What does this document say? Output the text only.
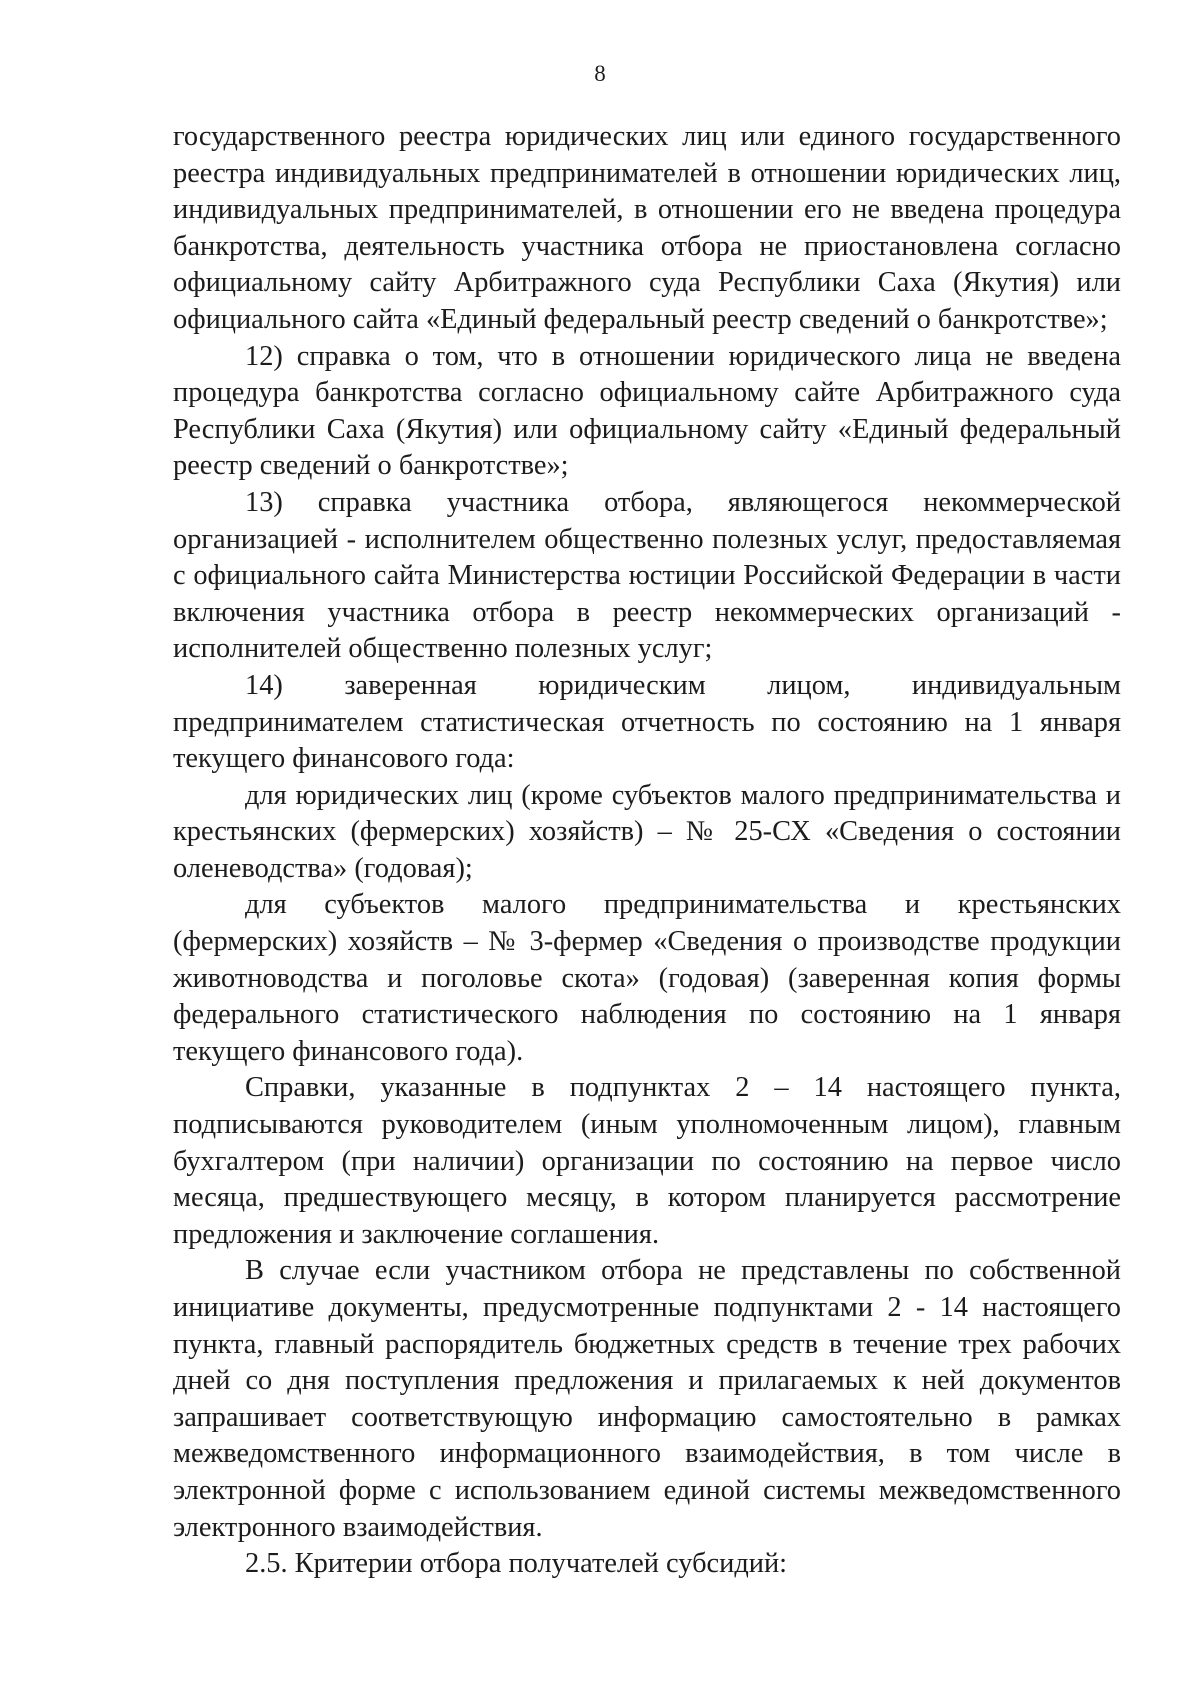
8
государственного реестра юридических лиц или единого государственного
реестра индивидуальных предпринимателей в отношении юридических лиц,
индивидуальных предпринимателей, в отношении его не введена процедура
банкротства, деятельность участника отбора не приостановлена согласно
официальному сайту Арбитражного суда Республики Саха (Якутия) или
официального сайта «Единый федеральный реестр сведений о банкротстве»;
12) справка о том, что в отношении юридического лица не введена
процедура банкротства согласно официальному сайте Арбитражного суда
Республики Саха (Якутия) или официальному сайту «Единый федеральный
реестр сведений о банкротстве»;
13) справка участника отбора, являющегося некоммерческой
организацией - исполнителем общественно полезных услуг, предоставляемая
с официального сайта Министерства юстиции Российской Федерации в части
включения участника отбора в реестр некоммерческих организаций -
исполнителей общественно полезных услуг;
14) заверенная юридическим лицом, индивидуальным
предпринимателем статистическая отчетность по состоянию на 1 января
текущего финансового года:
для юридических лиц (кроме субъектов малого предпринимательства и
крестьянских (фермерских) хозяйств) – № 25-СХ «Сведения о состоянии
оленеводства» (годовая);
для субъектов малого предпринимательства и крестьянских
(фермерских) хозяйств – № 3-фермер «Сведения о производстве продукции
животноводства и поголовье скота» (годовая) (заверенная копия формы
федерального статистического наблюдения по состоянию на 1 января
текущего финансового года).
Справки, указанные в подпунктах 2 – 14 настоящего пункта,
подписываются руководителем (иным уполномоченным лицом), главным
бухгалтером (при наличии) организации по состоянию на первое число
месяца, предшествующего месяцу, в котором планируется рассмотрение
предложения и заключение соглашения.
В случае если участником отбора не представлены по собственной
инициативе документы, предусмотренные подпунктами 2 - 14 настоящего
пункта, главный распорядитель бюджетных средств в течение трех рабочих
дней со дня поступления предложения и прилагаемых к ней документов
запрашивает соответствующую информацию самостоятельно в рамках
межведомственного информационного взаимодействия, в том числе в
электронной форме с использованием единой системы межведомственного
электронного взаимодействия.
2.5. Критерии отбора получателей субсидий:
